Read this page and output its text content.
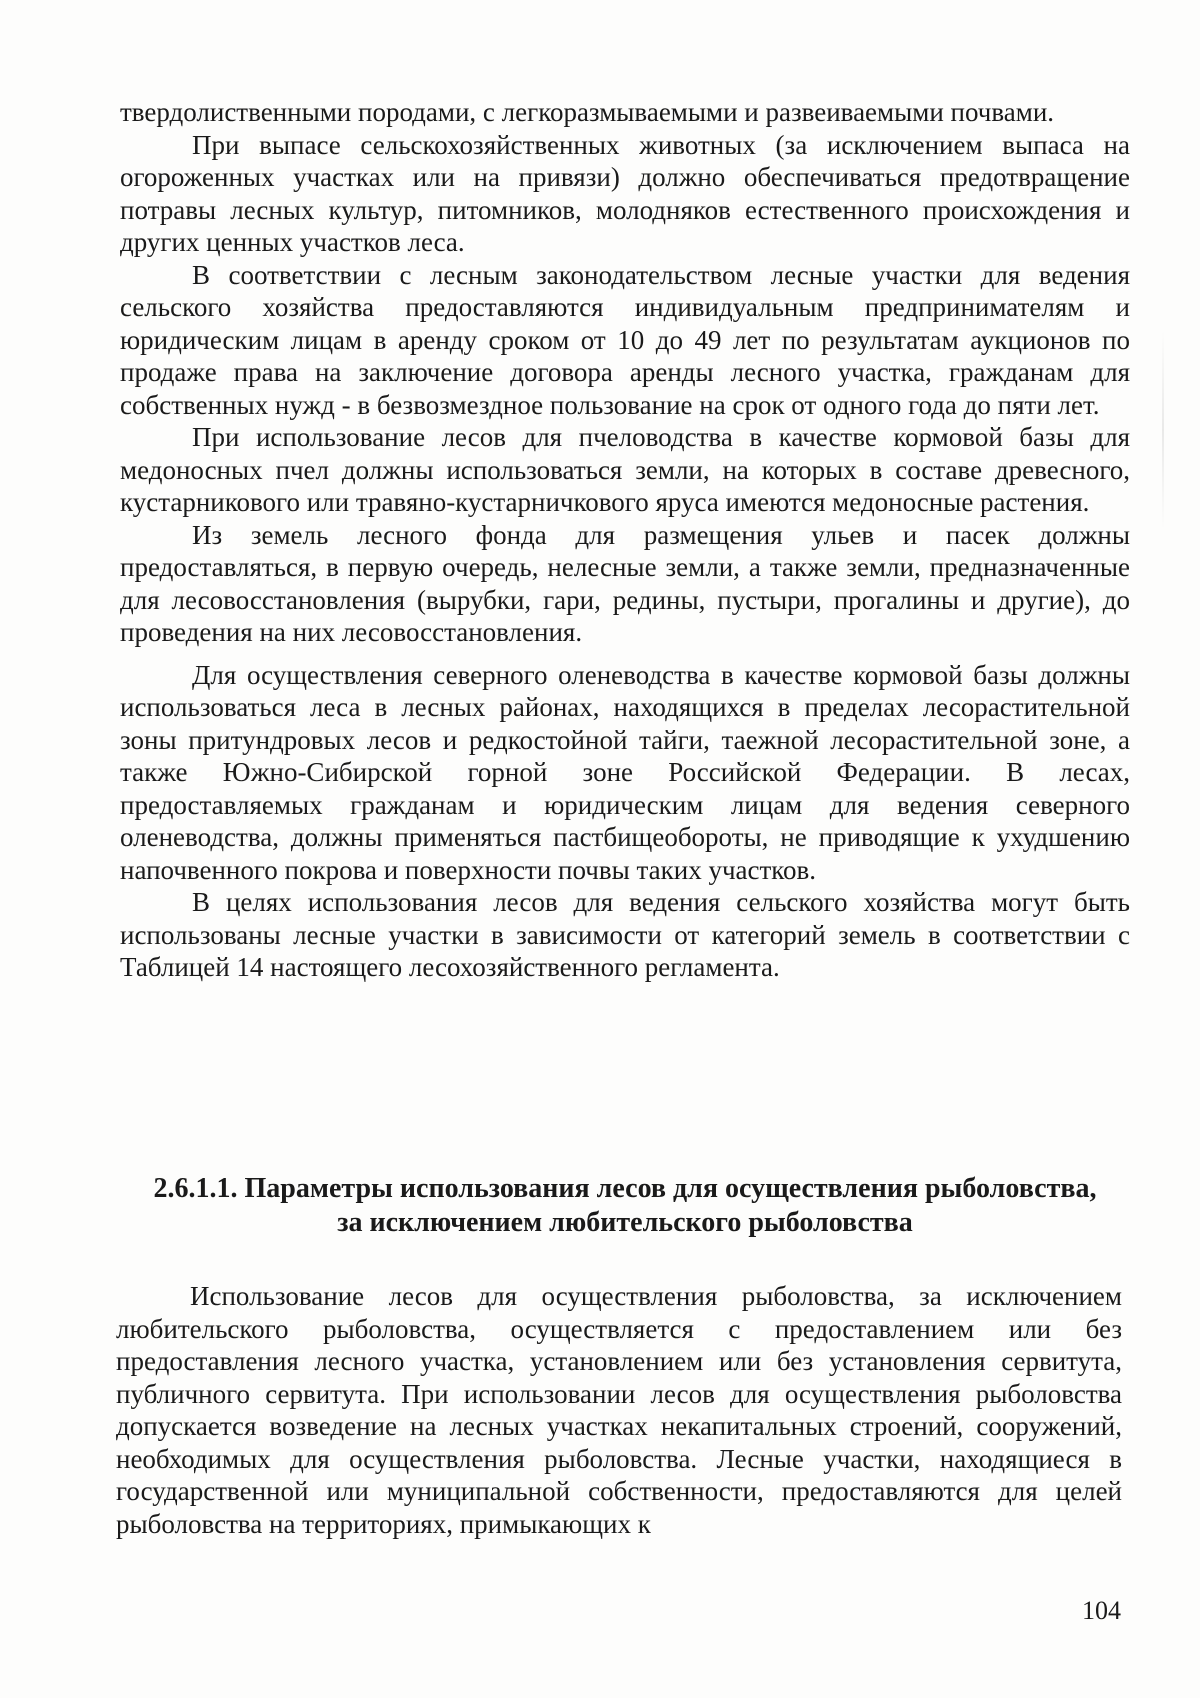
твердолиственными породами, с легкоразмываемыми и развеиваемыми почвами.

При выпасе сельскохозяйственных животных (за исключением выпаса на огороженных участках или на привязи) должно обеспечиваться предотвращение потравы лесных культур, питомников, молодняков естественного происхождения и других ценных участков леса.

В соответствии с лесным законодательством лесные участки для ведения сельского хозяйства предоставляются индивидуальным предпринимателям и юридическим лицам в аренду сроком от 10 до 49 лет по результатам аукционов по продаже права на заключение договора аренды лесного участка, гражданам для собственных нужд - в безвозмездное пользование на срок от одного года до пяти лет.

При использование лесов для пчеловодства в качестве кормовой базы для медоносных пчел должны использоваться земли, на которых в составе древесного, кустарникового или травяно-кустарничкового яруса имеются медоносные растения.

Из земель лесного фонда для размещения ульев и пасек должны предоставляться, в первую очередь, нелесные земли, а также земли, предназначенные для лесовосстановления (вырубки, гари, редины, пустыри, прогалины и другие), до проведения на них лесовосстановления.

Для осуществления северного оленеводства в качестве кормовой базы должны использоваться леса в лесных районах, находящихся в пределах лесорастительной зоны притундровых лесов и редкостойной тайги, таежной лесорастительной зоне, а также Южно-Сибирской горной зоне Российской Федерации. В лесах, предоставляемых гражданам и юридическим лицам для ведения северного оленеводства, должны применяться пастбищеобороты, не приводящие к ухудшению напочвенного покрова и поверхности почвы таких участков.

В целях использования лесов для ведения сельского хозяйства могут быть использованы лесные участки в зависимости от категорий земель в соответствии с Таблицей 14 настоящего лесохозяйственного регламента.

2.6.1.1. Параметры использования лесов для осуществления рыболовства,
за исключением любительского рыболовства

Использование лесов для осуществления рыболовства, за исключением любительского рыболовства, осуществляется с предоставлением или без предоставления лесного участка, установлением или без установления сервитута, публичного сервитута. При использовании лесов для осуществления рыболовства допускается возведение на лесных участках некапитальных строений, сооружений, необходимых для осуществления рыболовства. Лесные участки, находящиеся в государственной или муниципальной собственности, предоставляются для целей рыболовства на территориях, примыкающих к

104
